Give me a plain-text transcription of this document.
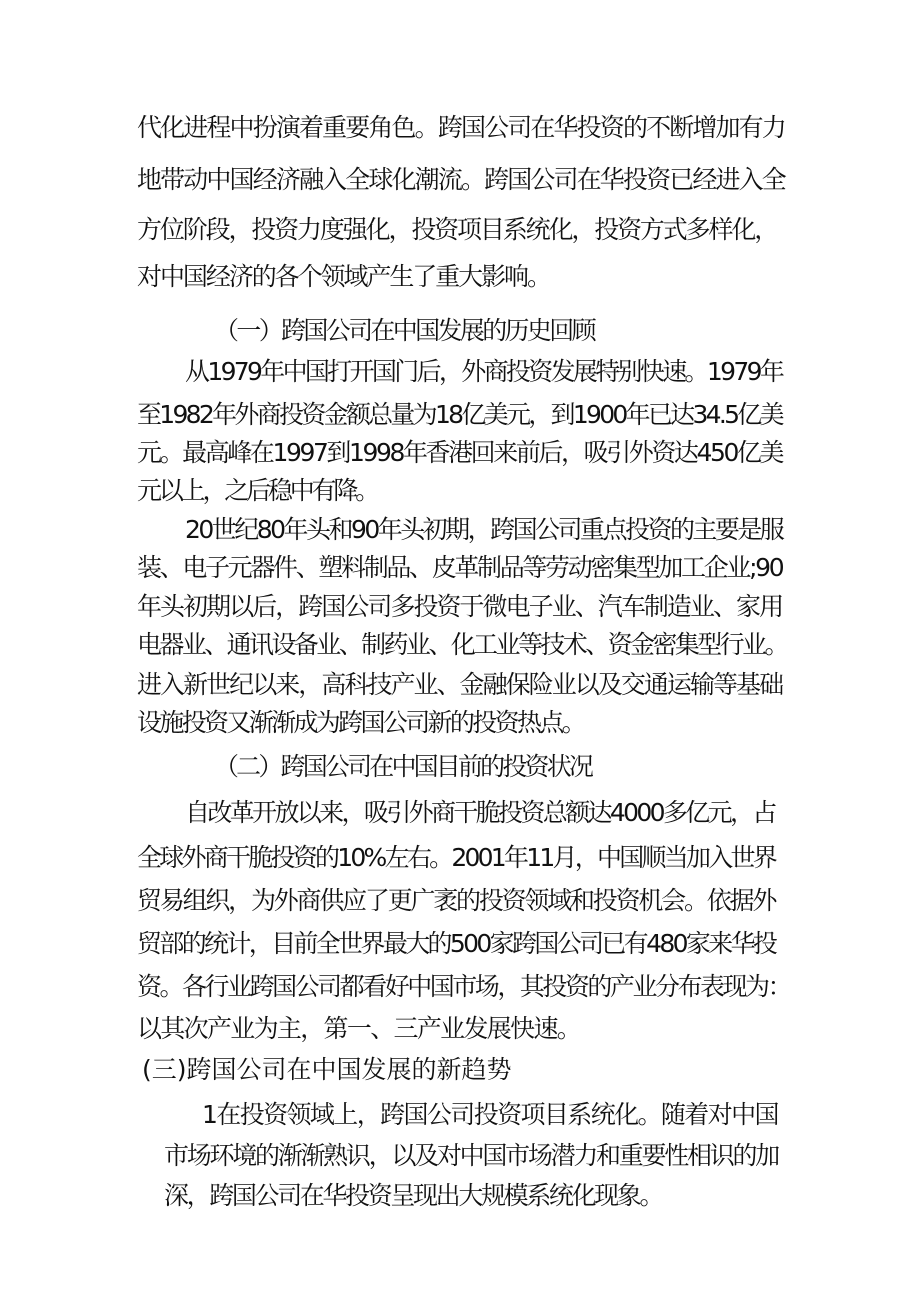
代化进程中扮演着重要角色。跨国公司在华投资的不断增加有力
地带动中国经济融入全球化潮流。跨国公司在华投资已经进入全
方位阶段，投资力度强化，投资项目系统化，投资方式多样化，
对中国经济的各个领域产生了重大影响。
（一）跨国公司在中国发展的历史回顾
从1979年中国打开国门后，外商投资发展特别快速。1979年
至1982年外商投资金额总量为18亿美元，到1900年已达34.5亿美
元。最高峰在1997到1998年香港回来前后，吸引外资达450亿美
元以上，之后稳中有降。
20世纪80年头和90年头初期，跨国公司重点投资的主要是服
装、电子元器件、塑料制品、皮革制品等劳动密集型加工企业;90
年头初期以后，跨国公司多投资于微电子业、汽车制造业、家用
电器业、通讯设备业、制药业、化工业等技术、资金密集型行业。
进入新世纪以来，高科技产业、金融保险业以及交通运输等基础
设施投资又渐渐成为跨国公司新的投资热点。
（二）跨国公司在中国目前的投资状况
自改革开放以来，吸引外商干脆投资总额达4000多亿元，占
全球外商干脆投资的10%左右。2001年11月，中国顺当加入世界
贸易组织，为外商供应了更广袤的投资领域和投资机会。依据外
贸部的统计，目前全世界最大的500家跨国公司已有480家来华投
资。各行业跨国公司都看好中国市场，其投资的产业分布表现为：
以其次产业为主，第一、三产业发展快速。
(三)跨国公司在中国发展的新趋势
1在投资领域上，跨国公司投资项目系统化。随着对中国
市场环境的渐渐熟识，以及对中国市场潜力和重要性相识的加
深，跨国公司在华投资呈现出大规模系统化现象。
